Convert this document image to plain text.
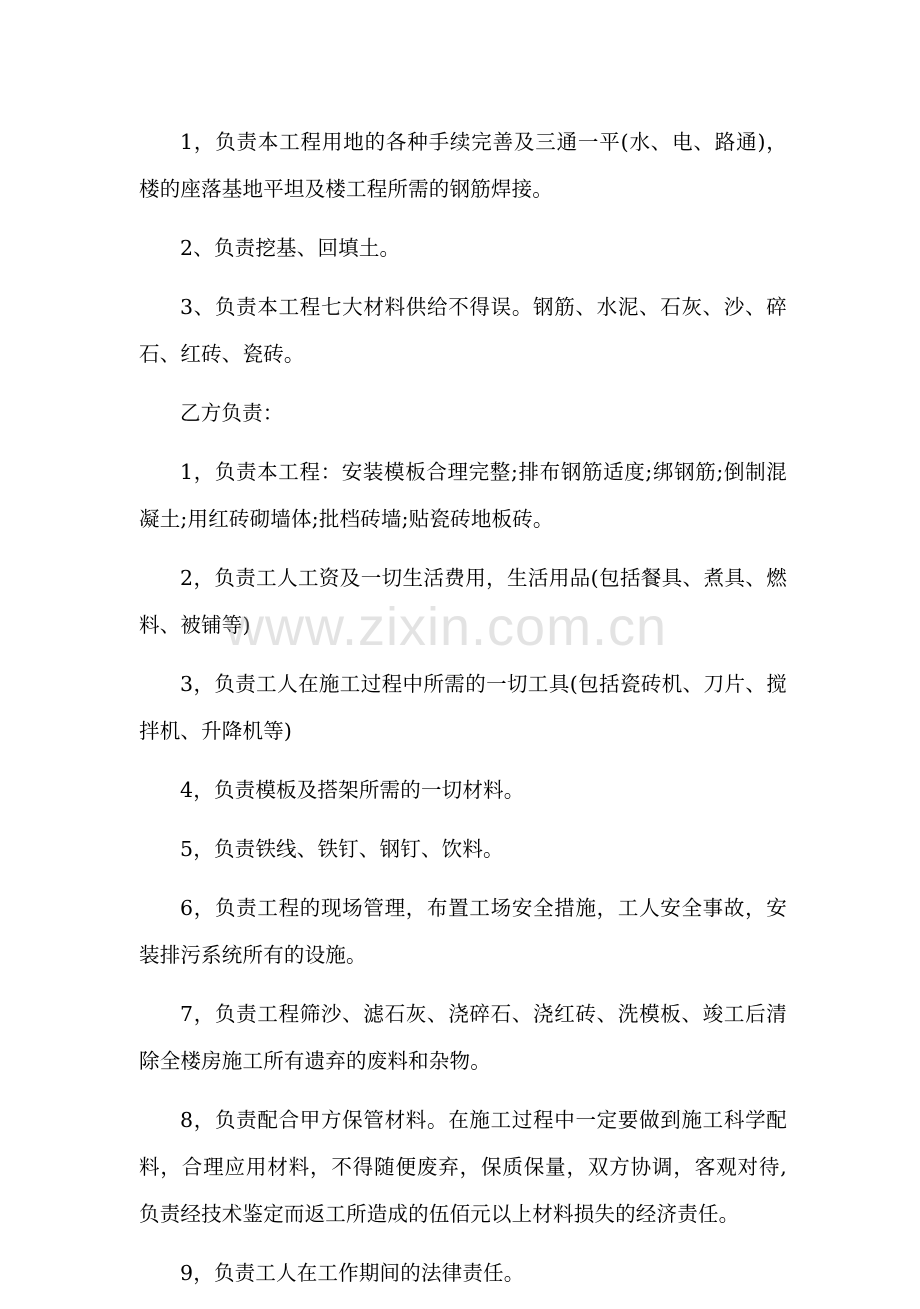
1，负责本工程用地的各种手续完善及三通一平(水、电、路通)，楼的座落基地平坦及楼工程所需的钢筋焊接。

2、负责挖基、回填土。

3、负责本工程七大材料供给不得误。钢筋、水泥、石灰、沙、碎石、红砖、瓷砖。

乙方负责：

1，负责本工程：安装模板合理完整;排布钢筋适度;绑钢筋;倒制混凝土;用红砖砌墙体;批档砖墙;贴瓷砖地板砖。

2，负责工人工资及一切生活费用，生活用品(包括餐具、煮具、燃料、被铺等)

3，负责工人在施工过程中所需的一切工具(包括瓷砖机、刀片、搅拌机、升降机等)

4，负责模板及搭架所需的一切材料。

5，负责铁线、铁钉、钢钉、饮料。

6，负责工程的现场管理，布置工场安全措施，工人安全事故，安装排污系统所有的设施。

7，负责工程筛沙、滤石灰、浇碎石、浇红砖、洗模板、竣工后清除全楼房施工所有遗弃的废料和杂物。

8，负责配合甲方保管材料。在施工过程中一定要做到施工科学配料，合理应用材料，不得随便废弃，保质保量，双方协调，客观对待,负责经技术鉴定而返工所造成的伍佰元以上材料损失的经济责任。

9，负责工人在工作期间的法律责任。

www.zixin.com.cn
